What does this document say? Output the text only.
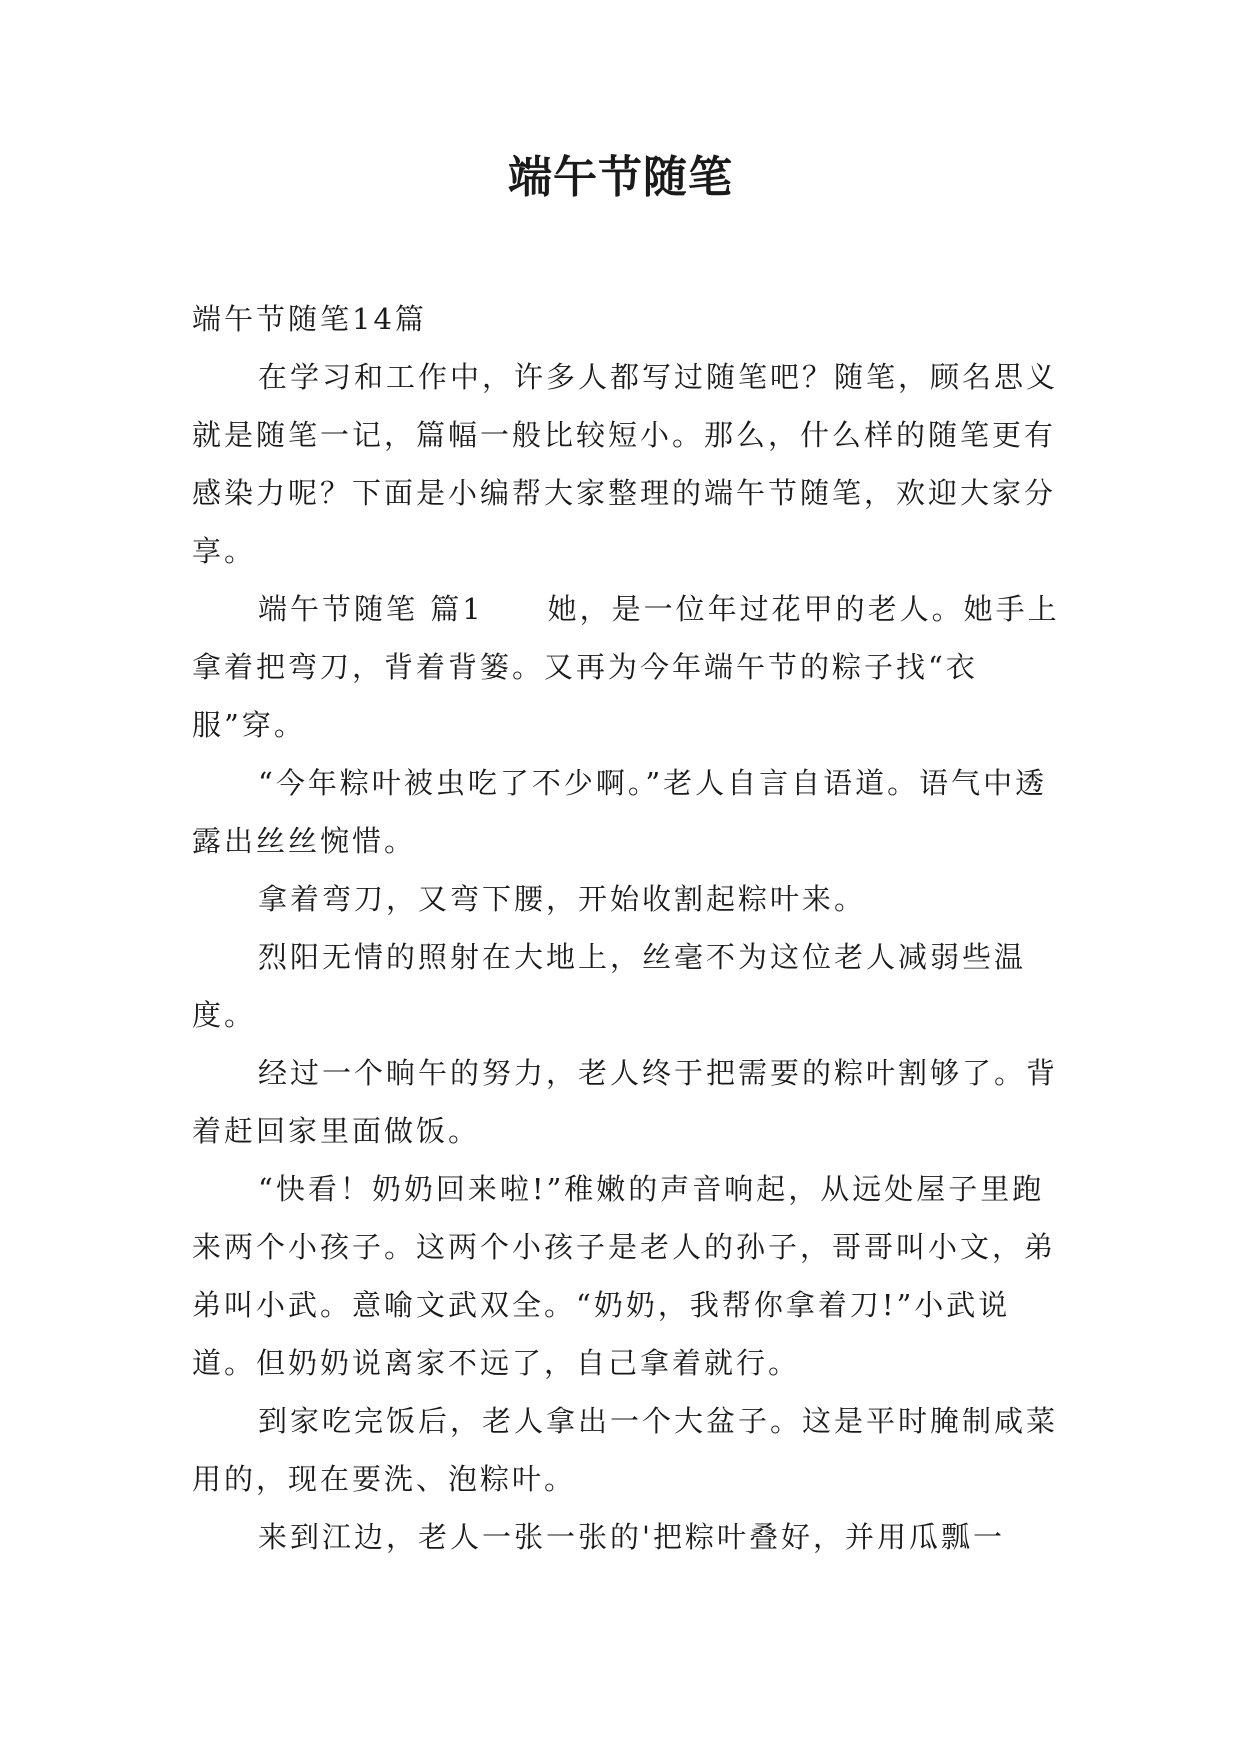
端午节随笔

端午节随笔14篇

在学习和工作中，许多人都写过随笔吧？随笔，顾名思义就是随笔一记，篇幅一般比较短小。那么，什么样的随笔更有感染力呢？下面是小编帮大家整理的端午节随笔，欢迎大家分享。

端午节随笔 篇1　　她，是一位年过花甲的老人。她手上拿着把弯刀，背着背篓。又再为今年端午节的粽子找“衣服”穿。

“今年粽叶被虫吃了不少啊。”老人自言自语道。语气中透露出丝丝惋惜。

拿着弯刀，又弯下腰，开始收割起粽叶来。

烈阳无情的照射在大地上，丝毫不为这位老人减弱些温度。

经过一个晌午的努力，老人终于把需要的粽叶割够了。背着赶回家里面做饭。

“快看！奶奶回来啦!”稚嫩的声音响起，从远处屋子里跑来两个小孩子。这两个小孩子是老人的孙子，哥哥叫小文，弟弟叫小武。意喻文武双全。“奶奶，我帮你拿着刀!”小武说道。但奶奶说离家不远了，自己拿着就行。

到家吃完饭后，老人拿出一个大盆子。这是平时腌制咸菜用的，现在要洗、泡粽叶。

来到江边，老人一张一张的'把粽叶叠好，并用瓜瓢一
